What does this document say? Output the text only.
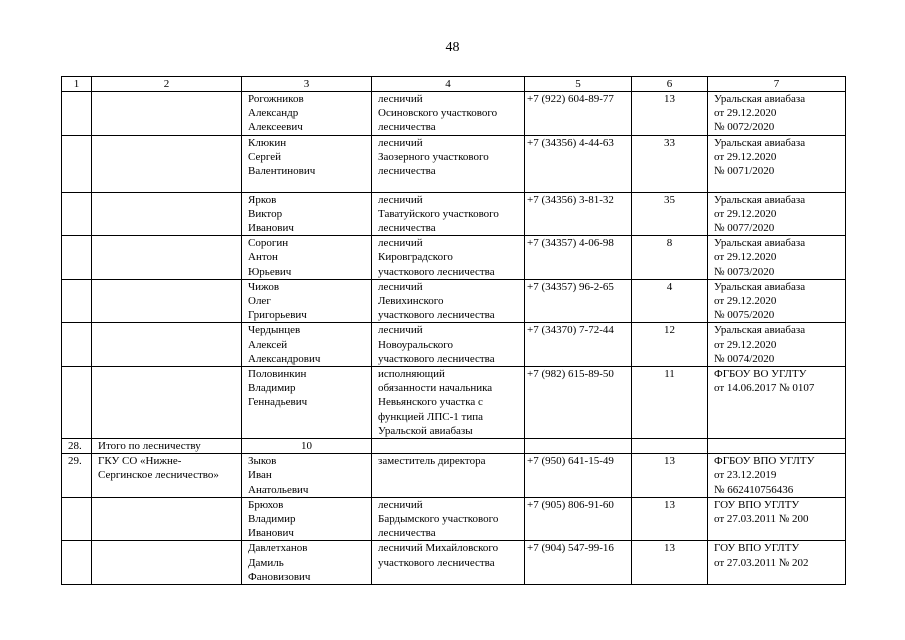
48
1	2	3	4	5	6	7

		Рогожников
Александр
Алексеевич	лесничий
Осиновского участкового
лесничества	+7 (922) 604-89-77	13	Уральская авиабаза
от 29.12.2020
№ 0072/2020

		Клюкин
Сергей
Валентинович	лесничий
Заозерного участкового
лесничества	+7 (34356) 4-44-63	33	Уральская авиабаза
от 29.12.2020
№ 0071/2020

		Ярков
Виктор
Иванович	лесничий
Таватуйского участкового
лесничества	+7 (34356) 3-81-32	35	Уральская авиабаза
от 29.12.2020
№ 0077/2020

		Сорогин
Антон
Юрьевич	лесничий
Кировградского
участкового лесничества	+7 (34357) 4-06-98	8	Уральская авиабаза
от 29.12.2020
№ 0073/2020

		Чижов
Олег
Григорьевич	лесничий
Левихинского
участкового лесничества	+7 (34357) 96-2-65	4	Уральская авиабаза
от 29.12.2020
№ 0075/2020

		Чердынцев
Алексей
Александрович	лесничий
Новоуральского
участкового лесничества	+7 (34370) 7-72-44	12	Уральская авиабаза
от 29.12.2020
№ 0074/2020

		Половинкин
Владимир
Геннадьевич	исполняющий
обязанности начальника
Невьянского участка с
функцией ЛПС-1 типа
Уральской авиабазы	+7 (982) 615-89-50	11	ФГБОУ ВО УГЛТУ
от 14.06.2017 № 0107

28.	Итого по лесничеству	10				
29.	ГКУ СО «Нижне-
Сергинское лесничество»	Зыков
Иван
Анатольевич	заместитель директора	+7 (950) 641-15-49	13	ФГБОУ ВПО УГЛТУ
от 23.12.2019
№ 662410756436

		Брюхов
Владимир
Иванович	лесничий
Бардымского участкового
лесничества	+7 (905) 806-91-60	13	ГОУ ВПО УГЛТУ
от 27.03.2011 № 200

		Давлетханов
Дамиль
Фановизович	лесничий Михайловского
участкового лесничества	+7 (904) 547-99-16	13	ГОУ ВПО УГЛТУ
от 27.03.2011 № 202
